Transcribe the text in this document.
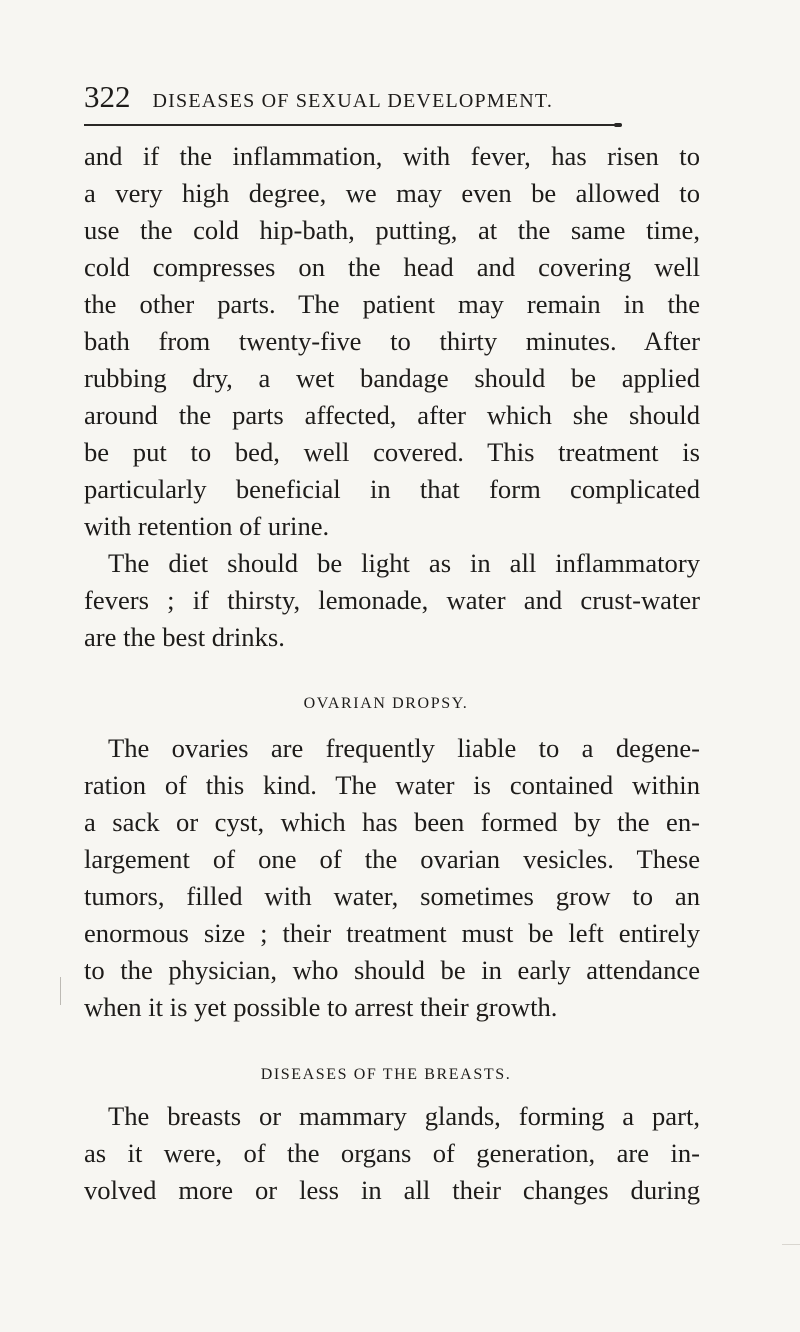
322 DISEASES OF SEXUAL DEVELOPMENT.

and if the inflammation, with fever, has risen to
a very high degree, we may even be allowed to
use the cold hip-bath, putting, at the same time,
cold compresses on the head and covering well
the other parts. The patient may remain in the
bath from twenty-five to thirty minutes. After
rubbing dry, a wet bandage should be applied
around the parts affected, after which she should
be put to bed, well covered. This treatment is
particularly beneficial in that form complicated
with retention of urine.

The diet should be light as in all inflammatory
fevers ; if thirsty, lemonade, water and crust-water
are the best drinks.

OVARIAN DROPSY.

The ovaries are frequently liable to a degene-
ration of this kind. The water is contained within
a sack or cyst, which has been formed by the en-
largement of one of the ovarian vesicles. These
tumors, filled with water, sometimes grow to an
enormous size ; their treatment must be left entirely
to the physician, who should be in early attendance
when it is yet possible to arrest their growth.

DISEASES OF THE BREASTS.

The breasts or mammary glands, forming a part,
as it were, of the organs of generation, are in-
volved more or less in all their changes during
